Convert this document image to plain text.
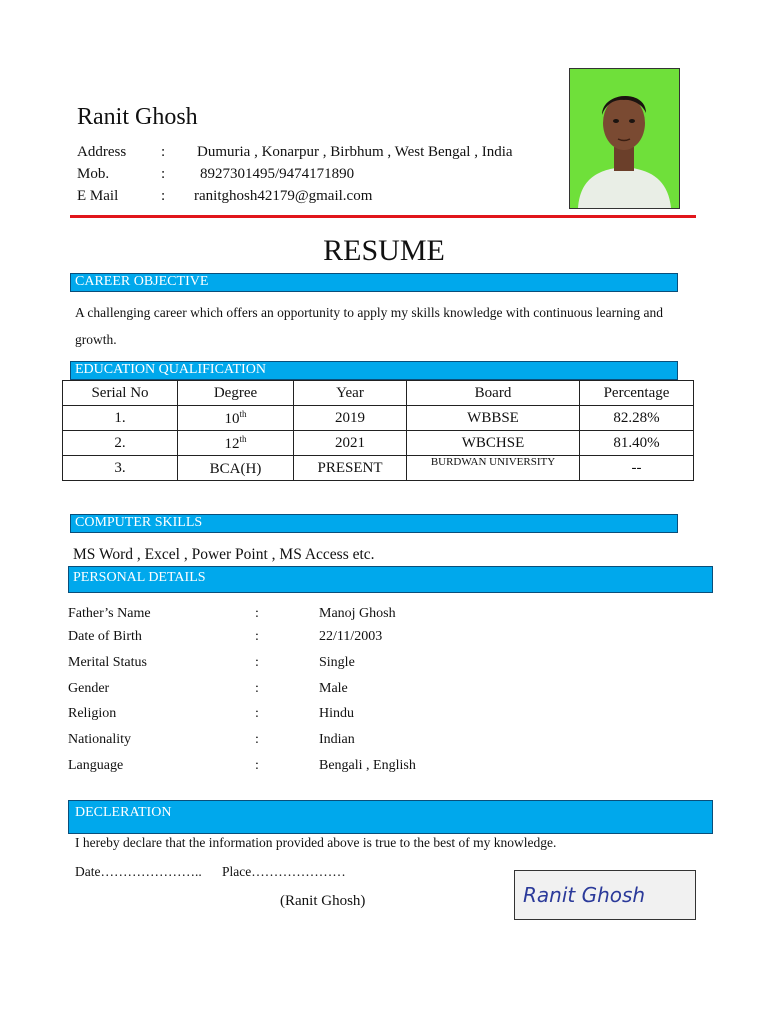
Ranit Ghosh
Address	: Dumuria , Konarpur , Birbhum , West Bengal , India
Mob.	: 8927301495/9474171890
E Mail	: ranitghosh42179@gmail.com
RESUME
CAREER OBJECTIVE
A challenging career which offers an opportunity to apply my skills knowledge with continuous learning and growth.
EDUCATION QUALIFICATION
Serial No	Degree	Year	Board	Percentage
1.	10th	2019	WBBSE	82.28%
2.	12th	2021	WBCHSE	81.40%
3.	BCA(H)	PRESENT	BURDWAN UNIVERSITY	--
COMPUTER SKILLS
MS Word , Excel , Power Point , MS Access etc.
PERSONAL DETAILS
Father’s Name	:	Manoj Ghosh
Date of Birth	:	22/11/2003
Merital Status	:	Single
Gender	:	Male
Religion	:	Hindu
Nationality	:	Indian
Language	:	Bengali , English
DECLERATION
I hereby declare that the information provided above is true to the best of my knowledge.
Date………………….. Place…………………
(Ranit Ghosh)	Ranit Ghosh
